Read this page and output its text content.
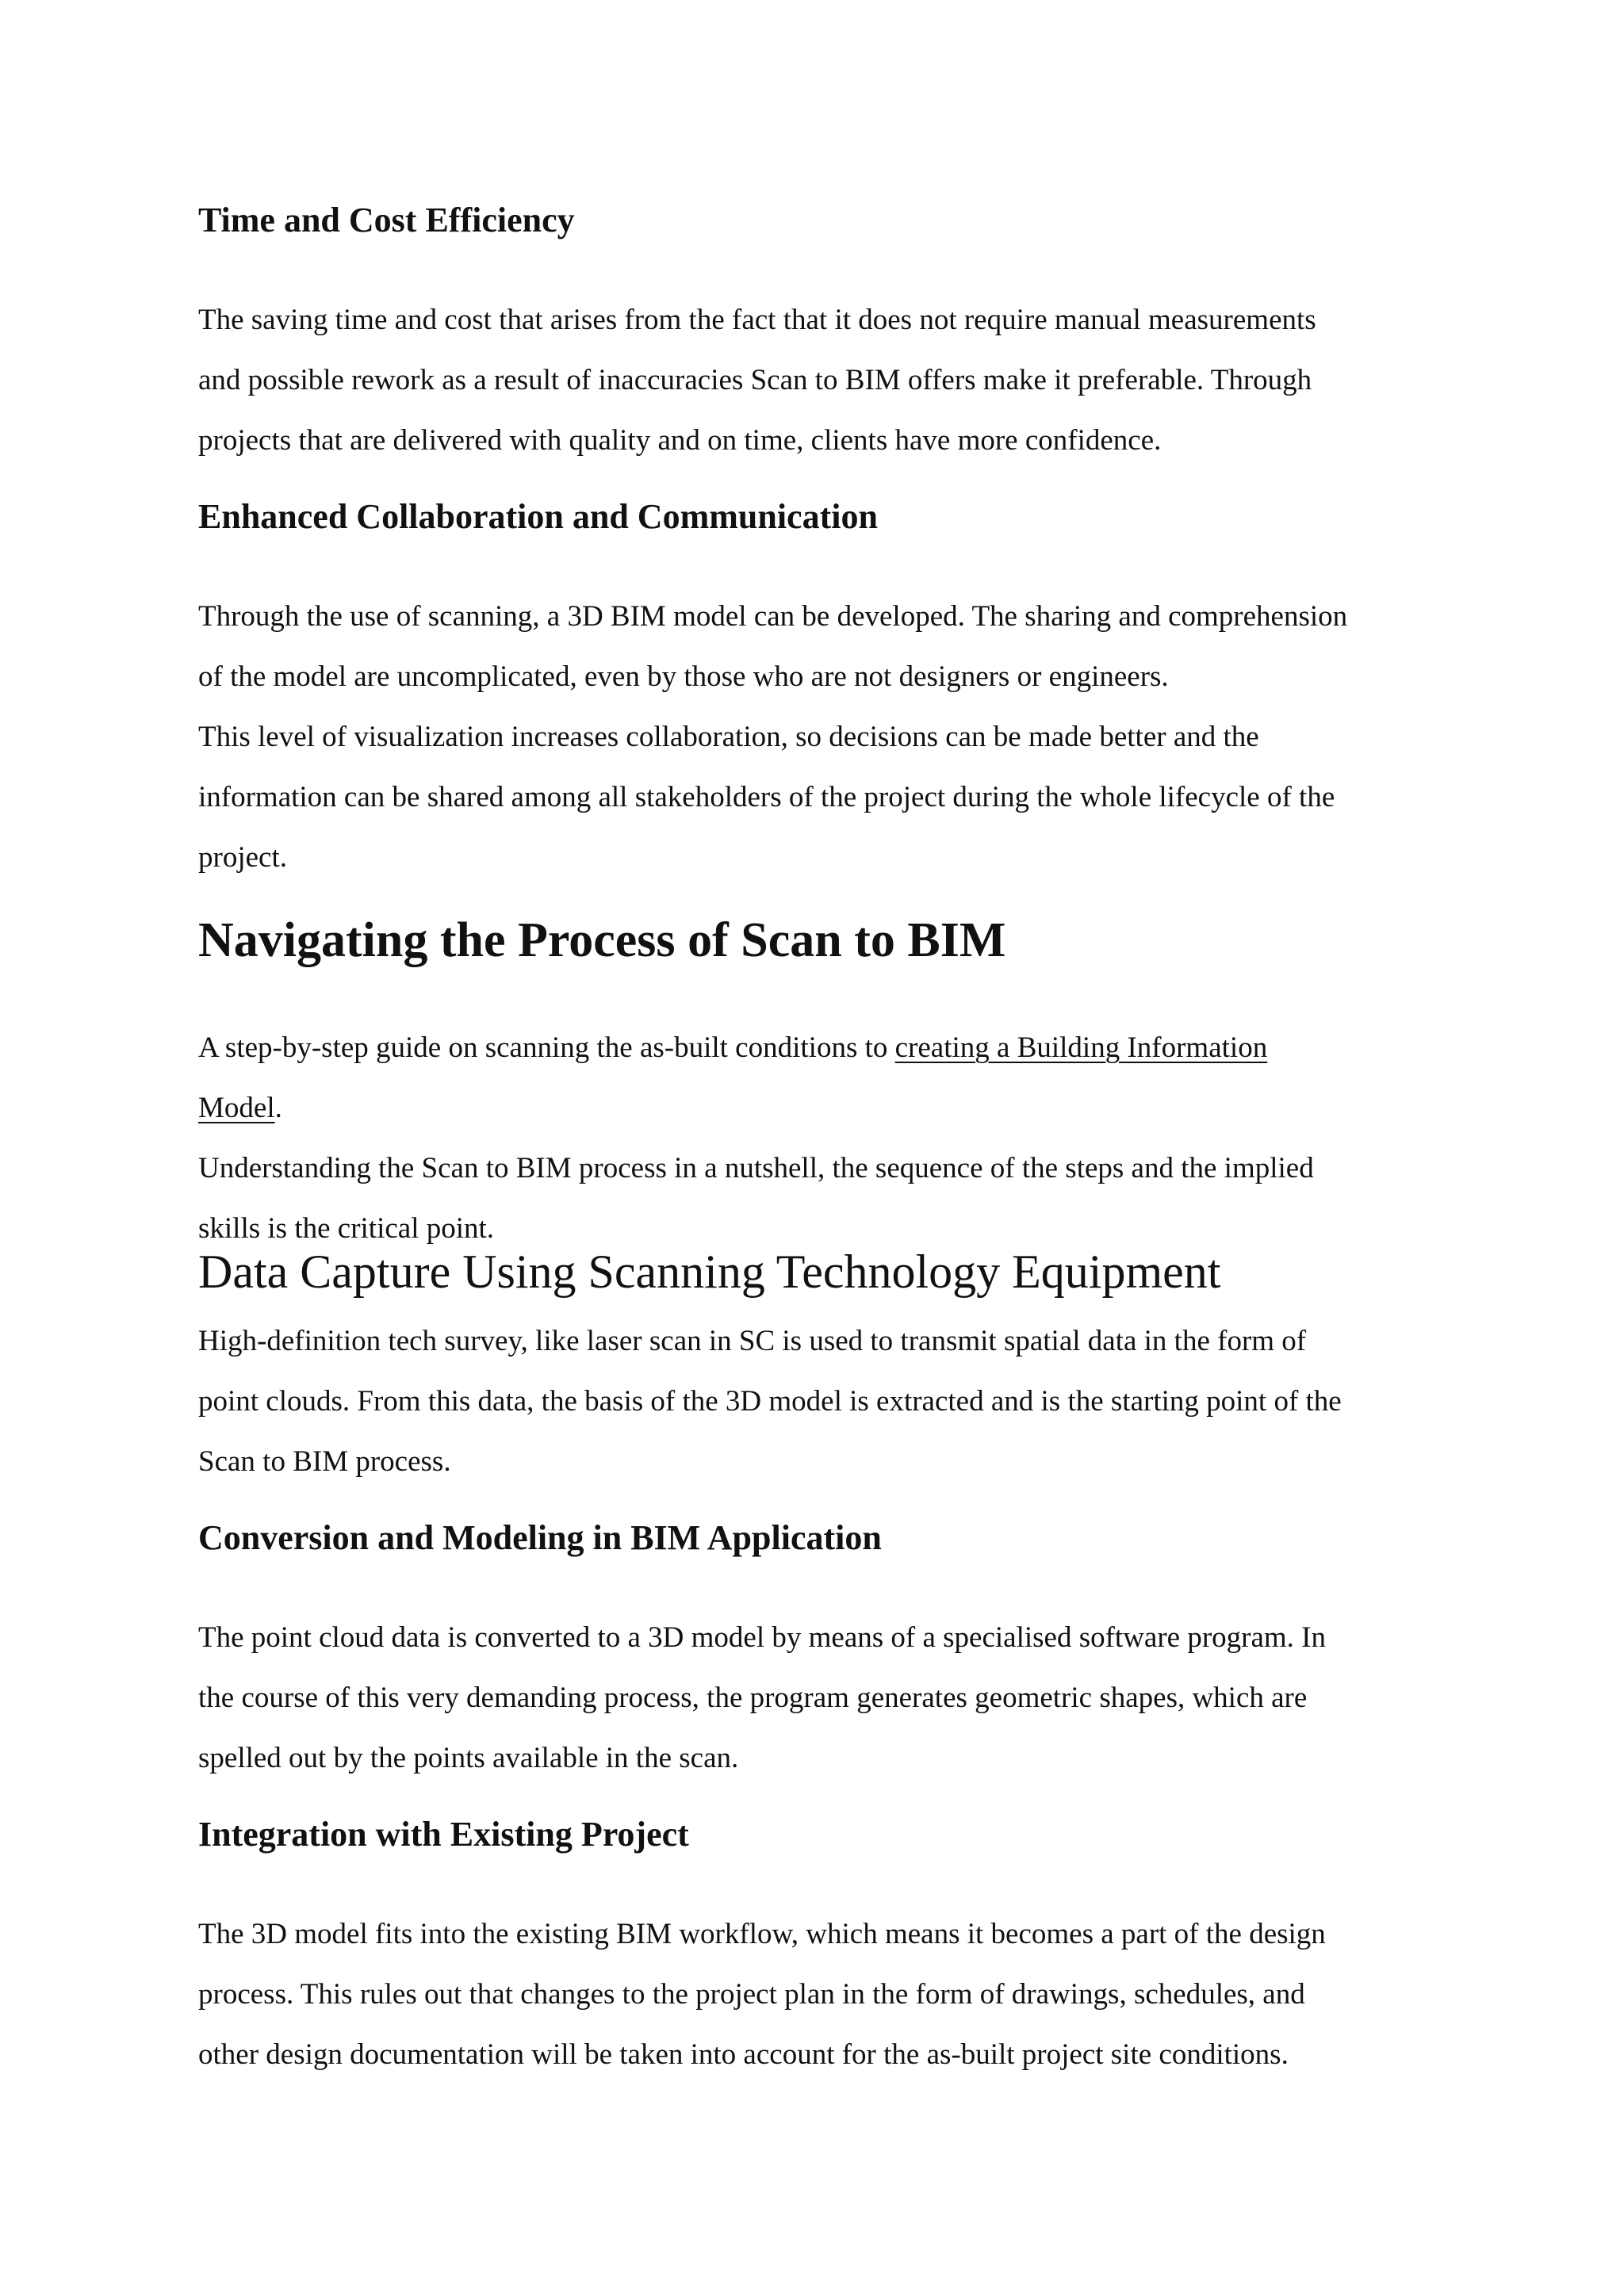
Time and Cost Efficiency

The saving time and cost that arises from the fact that it does not require manual measurements
and possible rework as a result of inaccuracies Scan to BIM offers make it preferable. Through
projects that are delivered with quality and on time, clients have more confidence.

Enhanced Collaboration and Communication

Through the use of scanning, a 3D BIM model can be developed. The sharing and comprehension
of the model are uncomplicated, even by those who are not designers or engineers.
This level of visualization increases collaboration, so decisions can be made better and the
information can be shared among all stakeholders of the project during the whole lifecycle of the
project.

Navigating the Process of Scan to BIM

A step-by-step guide on scanning the as-built conditions to creating a Building Information
Model.
Understanding the Scan to BIM process in a nutshell, the sequence of the steps and the implied
skills is the critical point.

Data Capture Using Scanning Technology Equipment

High-definition tech survey, like laser scan in SC is used to transmit spatial data in the form of
point clouds. From this data, the basis of the 3D model is extracted and is the starting point of the
Scan to BIM process.

Conversion and Modeling in BIM Application

The point cloud data is converted to a 3D model by means of a specialised software program. In
the course of this very demanding process, the program generates geometric shapes, which are
spelled out by the points available in the scan.

Integration with Existing Project

The 3D model fits into the existing BIM workflow, which means it becomes a part of the design
process. This rules out that changes to the project plan in the form of drawings, schedules, and
other design documentation will be taken into account for the as-built project site conditions.
